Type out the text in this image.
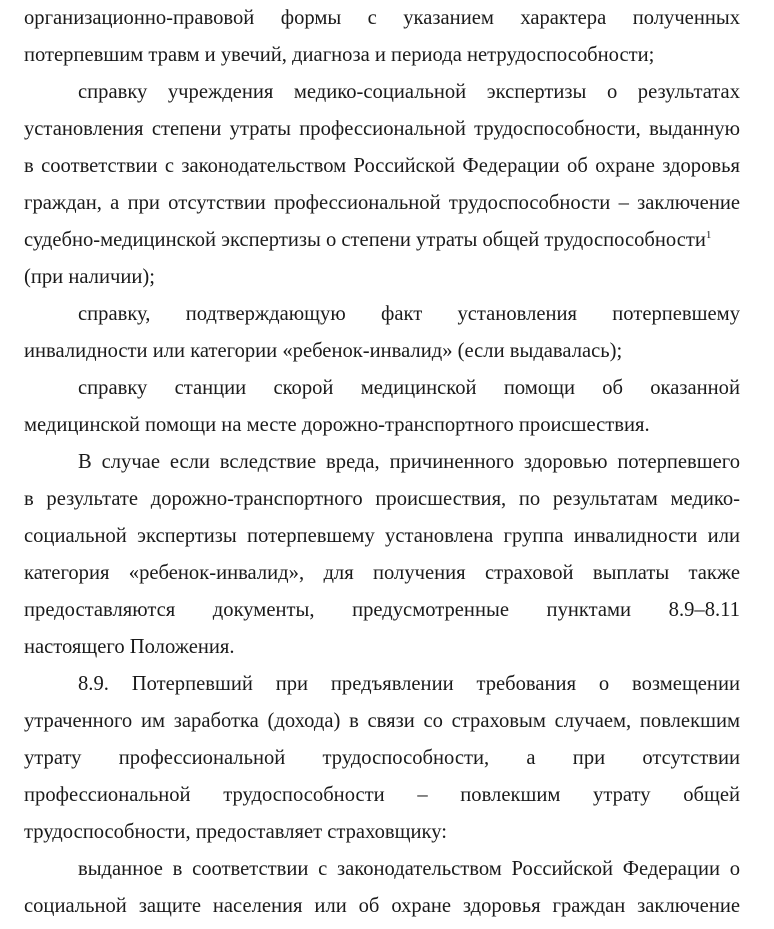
организационно-правовой формы с указанием характера полученных
потерпевшим травм и увечий, диагноза и периода нетрудоспособности;
справку учреждения медико-социальной экспертизы о результатах
установления степени утраты профессиональной трудоспособности, выданную
в соответствии с законодательством Российской Федерации об охране здоровья
граждан, а при отсутствии профессиональной трудоспособности – заключение
судебно-медицинской экспертизы о степени утраты общей трудоспособности$^1$
(при наличии);
справку, подтверждающую факт установления потерпевшему
инвалидности или категории «ребенок-инвалид» (если выдавалась);
справку станции скорой медицинской помощи об оказанной
медицинской помощи на месте дорожно-транспортного происшествия.
В случае если вследствие вреда, причиненного здоровью потерпевшего
в результате дорожно-транспортного происшествия, по результатам медико-
социальной экспертизы потерпевшему установлена группа инвалидности или
категория «ребенок-инвалид», для получения страховой выплаты также
предоставляются документы, предусмотренные пунктами 8.9–8.11
настоящего Положения.
8.9. Потерпевший при предъявлении требования о возмещении
утраченного им заработка (дохода) в связи со страховым случаем, повлекшим
утрату профессиональной трудоспособности, а при отсутствии
профессиональной трудоспособности – повлекшим утрату общей
трудоспособности, предоставляет страховщику:
выданное в соответствии с законодательством Российской Федерации о
социальной защите населения или об охране здоровья граждан заключение
